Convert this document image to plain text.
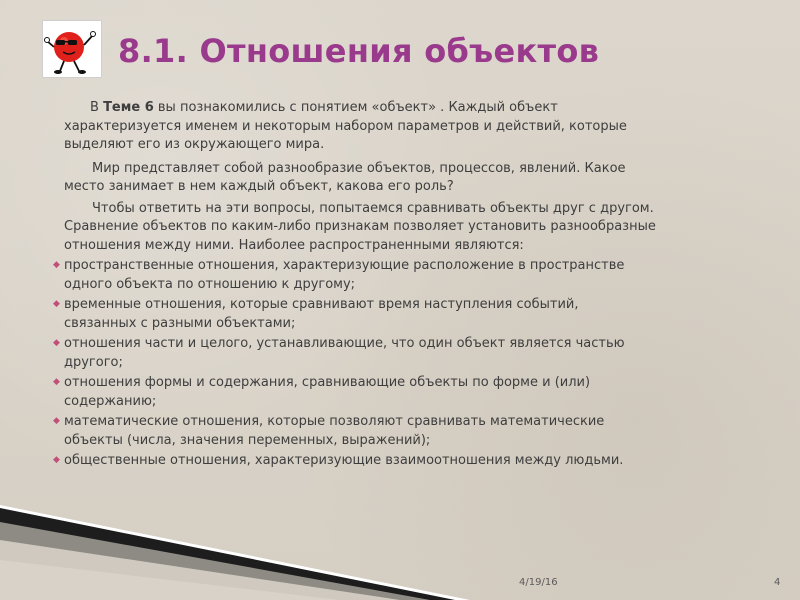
8.1. Отношения объектов

В Теме 6 вы познакомились с понятием «объект» . Каждый объект
характеризуется именем и некоторым набором параметров и действий, которые
выделяют его из окружающего мира.

Мир представляет собой разнообразие объектов, процессов, явлений. Какое
место занимает в нем каждый объект, какова его роль?

Чтобы ответить на эти вопросы, попытаемся сравнивать объекты друг с другом.
Сравнение объектов по каким-либо признакам позволяет установить разнообразные
отношения между ними. Наиболее распространенными являются:

◆ пространственные отношения, характеризующие расположение в пространстве
одного объекта по отношению к другому;
◆ временные отношения, которые сравнивают время наступления событий,
связанных с разными объектами;
◆ отношения части и целого, устанавливающие, что один объект является частью
другого;
◆ отношения формы и содержания, сравнивающие объекты по форме и (или)
содержанию;
◆ математические отношения, которые позволяют сравнивать математические
объекты (числа, значения переменных, выражений);
◆ общественные отношения, характеризующие взаимоотношения между людьми.
4/19/16	4
